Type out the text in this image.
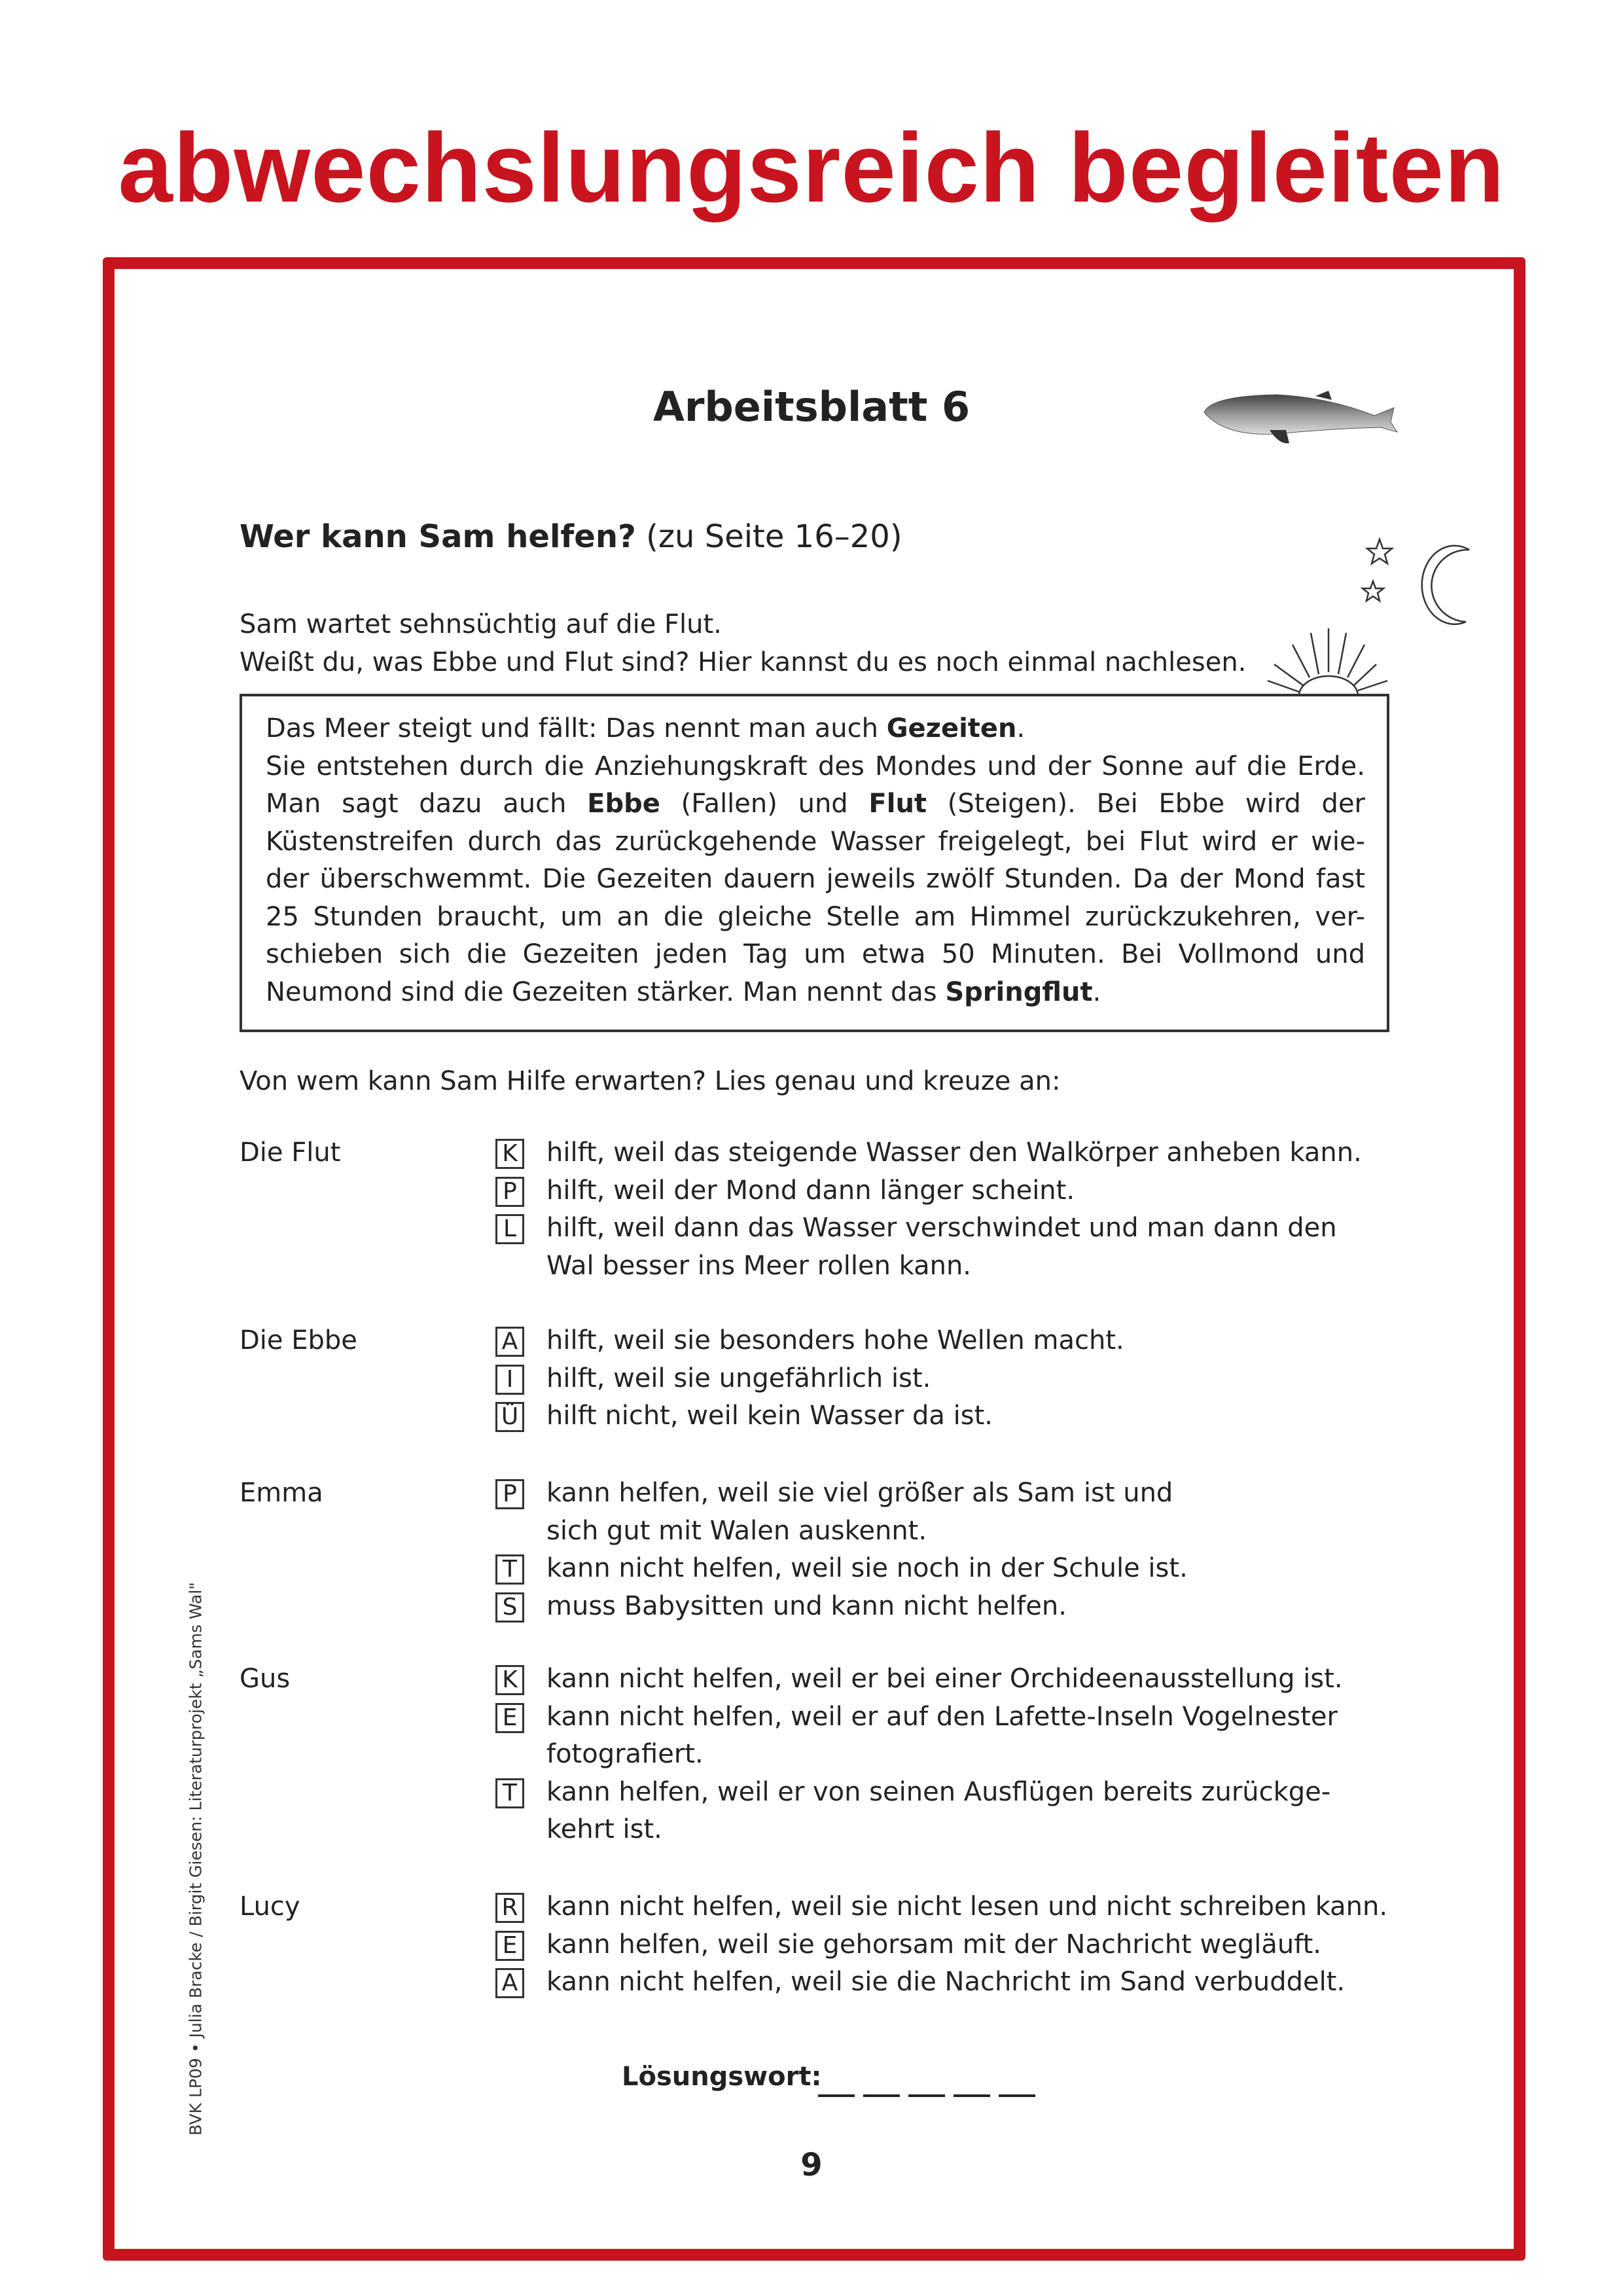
abwechslungsreich begleiten
Arbeitsblatt 6
Wer kann Sam helfen? (zu Seite 16–20)
Sam wartet sehnsüchtig auf die Flut.
Weißt du, was Ebbe und Flut sind? Hier kannst du es noch einmal nachlesen.
Das Meer steigt und fällt: Das nennt man auch Gezeiten.
Sie entstehen durch die Anziehungskraft des Mondes und der Sonne auf die Erde.
Man sagt dazu auch Ebbe (Fallen) und Flut (Steigen). Bei Ebbe wird der
Küstenstreifen durch das zurückgehende Wasser freigelegt, bei Flut wird er wie-
der überschwemmt. Die Gezeiten dauern jeweils zwölf Stunden. Da der Mond fast
25 Stunden braucht, um an die gleiche Stelle am Himmel zurückzukehren, ver-
schieben sich die Gezeiten jeden Tag um etwa 50 Minuten. Bei Vollmond und
Neumond sind die Gezeiten stärker. Man nennt das Springflut.
Von wem kann Sam Hilfe erwarten? Lies genau und kreuze an:
Die Flut	K hilft, weil das steigende Wasser den Walkörper anheben kann.
P hilft, weil der Mond dann länger scheint.
L hilft, weil dann das Wasser verschwindet und man dann den
Wal besser ins Meer rollen kann.
Die Ebbe	A hilft, weil sie besonders hohe Wellen macht.
I	hilft, weil sie ungefährlich ist.
Ü hilft nicht, weil kein Wasser da ist.
Emma	P kann helfen, weil sie viel größer als Sam ist und
sich gut mit Walen auskennt.
T kann nicht helfen, weil sie noch in der Schule ist.
S muss Babysitten und kann nicht helfen.
Gus	K kann nicht helfen, weil er bei einer Orchideenausstellung ist.
E kann nicht helfen, weil er auf den Lafette-Inseln Vogelnester
fotografiert.
T kann helfen, weil er von seinen Ausflügen bereits zurückge-
kehrt ist.
Lucy	R kann nicht helfen, weil sie nicht lesen und nicht schreiben kann.
E kann helfen, weil sie gehorsam mit der Nachricht wegläuft.
A kann nicht helfen, weil sie die Nachricht im Sand verbuddelt.
Lösungswort:
9
BVK LP09 • Julia Bracke / Birgit Giesen: Literaturprojekt „Sams Wal"
